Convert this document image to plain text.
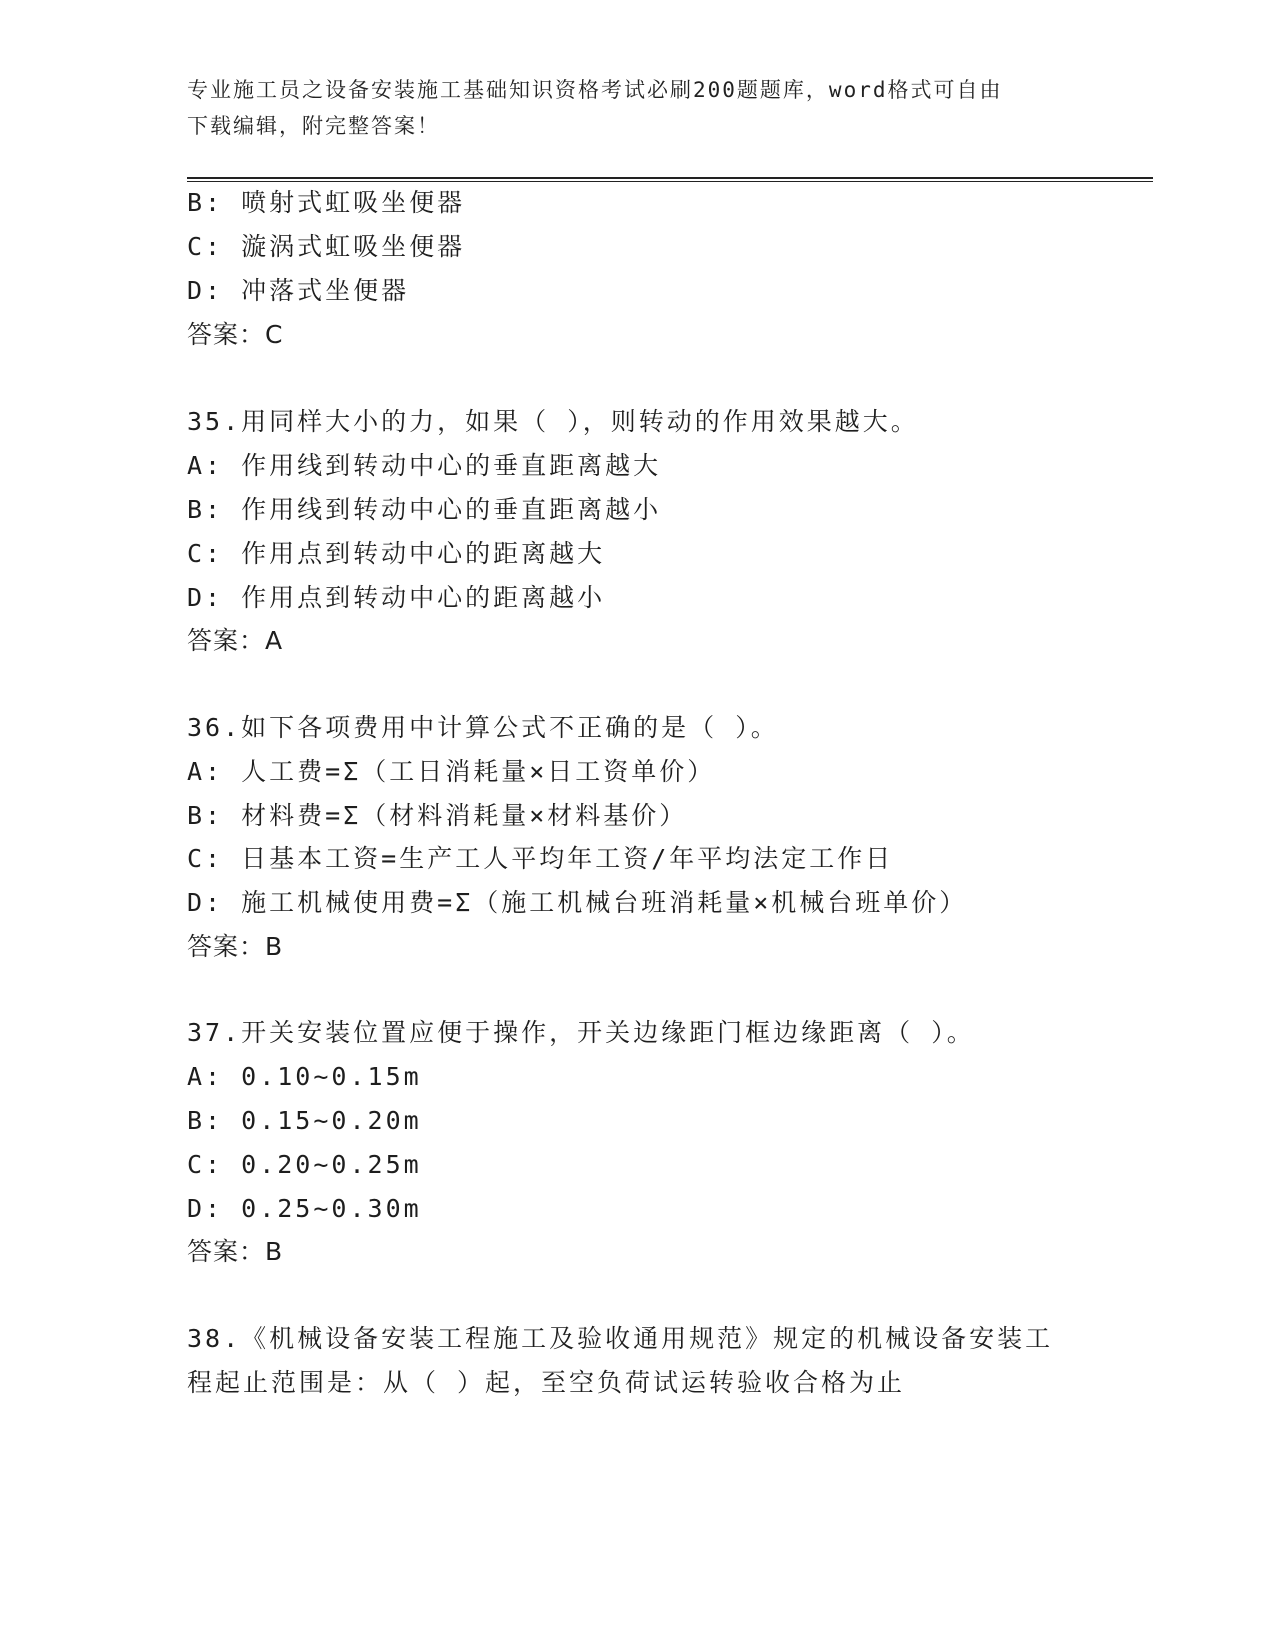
专业施工员之设备安装施工基础知识资格考试必刷200题题库，word格式可自由
下载编辑，附完整答案！
B: 喷射式虹吸坐便器
C: 漩涡式虹吸坐便器
D: 冲落式坐便器
答案：C
35.用同样大小的力，如果（ ），则转动的作用效果越大。
A: 作用线到转动中心的垂直距离越大
B: 作用线到转动中心的垂直距离越小
C: 作用点到转动中心的距离越大
D: 作用点到转动中心的距离越小
答案：A
36.如下各项费用中计算公式不正确的是（ ）。
A: 人工费=Σ（工日消耗量×日工资单价）
B: 材料费=Σ（材料消耗量×材料基价）
C: 日基本工资=生产工人平均年工资/年平均法定工作日
D: 施工机械使用费=Σ（施工机械台班消耗量×机械台班单价）
答案：B
37.开关安装位置应便于操作，开关边缘距门框边缘距离（ ）。
A: 0.10~0.15m
B: 0.15~0.20m
C: 0.20~0.25m
D: 0.25~0.30m
答案：B
38.《机械设备安装工程施工及验收通用规范》规定的机械设备安装工
程起止范围是：从（ ）起，至空负荷试运转验收合格为止
